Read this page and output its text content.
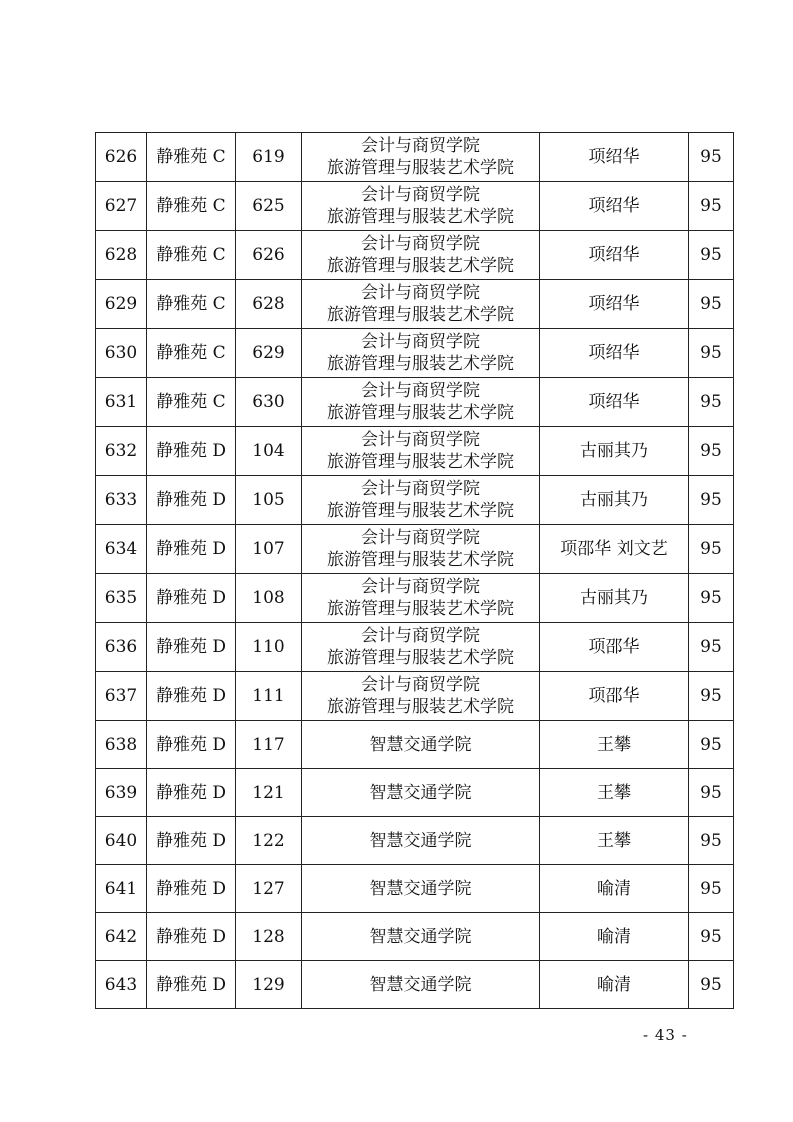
626	静雅苑 C	619	会计与商贸学院
旅游管理与服装艺术学院	项绍华	95
627	静雅苑 C	625	会计与商贸学院
旅游管理与服装艺术学院	项绍华	95
628	静雅苑 C	626	会计与商贸学院
旅游管理与服装艺术学院	项绍华	95
629	静雅苑 C	628	会计与商贸学院
旅游管理与服装艺术学院	项绍华	95
630	静雅苑 C	629	会计与商贸学院
旅游管理与服装艺术学院	项绍华	95
631	静雅苑 C	630	会计与商贸学院
旅游管理与服装艺术学院	项绍华	95
632	静雅苑 D	104	会计与商贸学院
旅游管理与服装艺术学院	古丽其乃	95
633	静雅苑 D	105	会计与商贸学院
旅游管理与服装艺术学院	古丽其乃	95
634	静雅苑 D	107	会计与商贸学院
旅游管理与服装艺术学院	项邵华 刘文艺	95
635	静雅苑 D	108	会计与商贸学院
旅游管理与服装艺术学院	古丽其乃	95
636	静雅苑 D	110	会计与商贸学院
旅游管理与服装艺术学院	项邵华	95
637	静雅苑 D	111	会计与商贸学院
旅游管理与服装艺术学院	项邵华	95
638	静雅苑 D	117	智慧交通学院	王攀	95
639	静雅苑 D	121	智慧交通学院	王攀	95
640	静雅苑 D	122	智慧交通学院	王攀	95
641	静雅苑 D	127	智慧交通学院	喻清	95
642	静雅苑 D	128	智慧交通学院	喻清	95
643	静雅苑 D	129	智慧交通学院	喻清	95
- 43 -
